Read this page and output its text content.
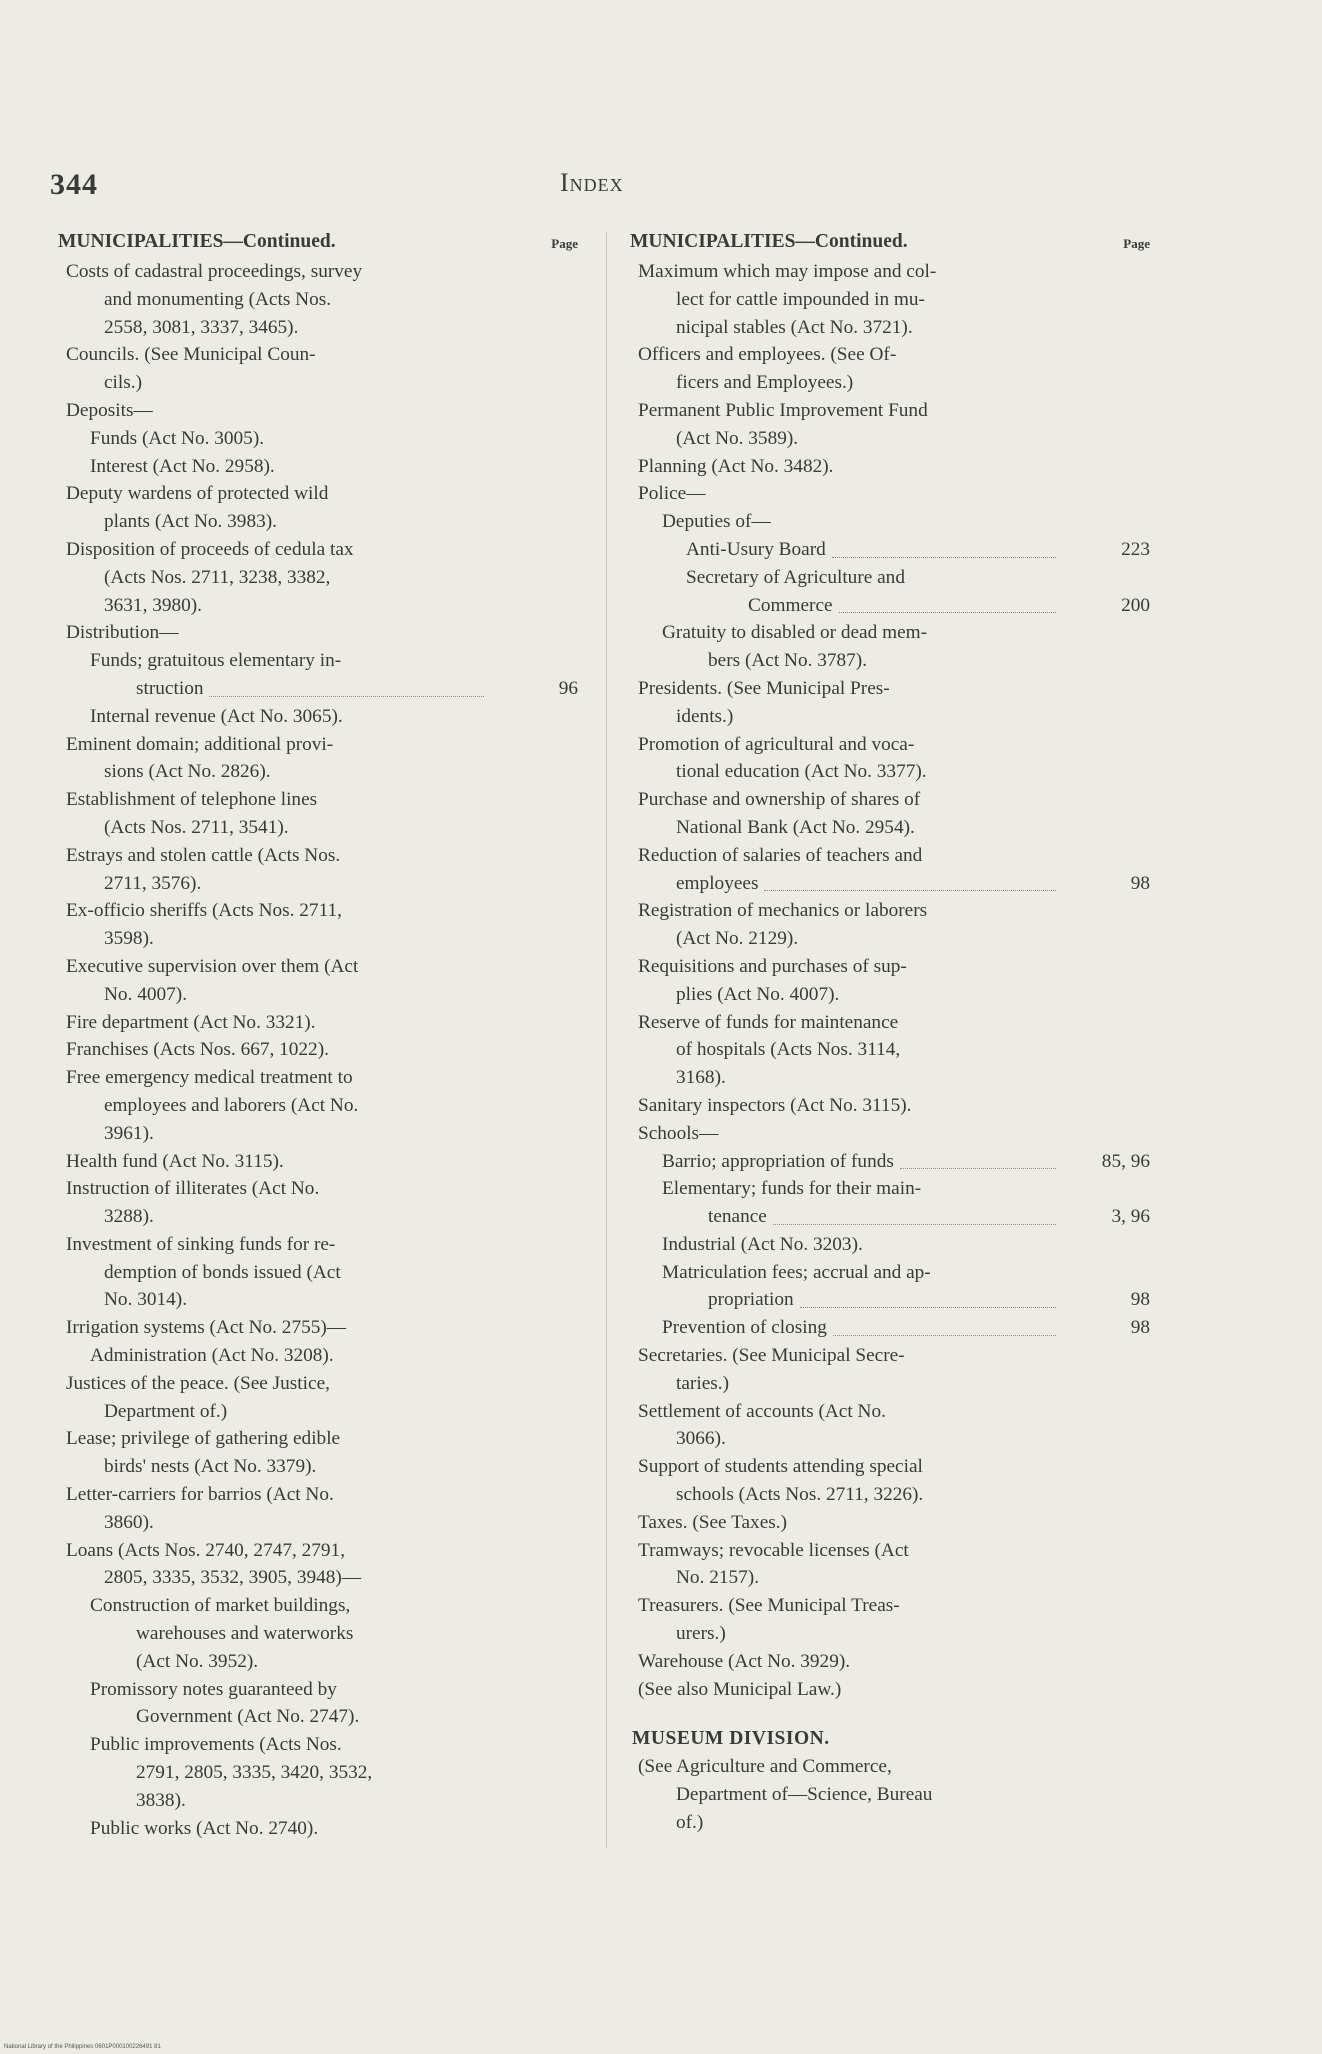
344	Index
MUNICIPALITIES—Continued.	Page
Costs of cadastral proceedings, survey
and monumenting (Acts Nos.
2558, 3081, 3337, 3465).
Councils. (See Municipal Coun-
cils.)
Deposits—
Funds (Act No. 3005).
Interest (Act No. 2958).
Deputy wardens of protected wild
plants (Act No. 3983).
Disposition of proceeds of cedula tax
(Acts Nos. 2711, 3238, 3382,
3631, 3980).
Distribution—
Funds; gratuitous elementary in-
struction	96
Internal revenue (Act No. 3065).
Eminent domain; additional provi-
sions (Act No. 2826).
Establishment of telephone lines
(Acts Nos. 2711, 3541).
Estrays and stolen cattle (Acts Nos.
2711, 3576).
Ex-officio sheriffs (Acts Nos. 2711,
3598).
Executive supervision over them (Act
No. 4007).
Fire department (Act No. 3321).
Franchises (Acts Nos. 667, 1022).
Free emergency medical treatment to
employees and laborers (Act No.
3961).
Health fund (Act No. 3115).
Instruction of illiterates (Act No.
3288).
Investment of sinking funds for re-
demption of bonds issued (Act
No. 3014).
Irrigation systems (Act No. 2755)—
Administration (Act No. 3208).
Justices of the peace. (See Justice,
Department of.)
Lease; privilege of gathering edible
birds' nests (Act No. 3379).
Letter-carriers for barrios (Act No.
3860).
Loans (Acts Nos. 2740, 2747, 2791,
2805, 3335, 3532, 3905, 3948)—
Construction of market buildings,
warehouses and waterworks
(Act No. 3952).
Promissory notes guaranteed by
Government (Act No. 2747).
Public improvements (Acts Nos.
2791, 2805, 3335, 3420, 3532,
3838).
Public works (Act No. 2740).
MUNICIPALITIES—Continued.	Page
Maximum which may impose and col-
lect for cattle impounded in mu-
nicipal stables (Act No. 3721).
Officers and employees. (See Of-
ficers and Employees.)
Permanent Public Improvement Fund
(Act No. 3589).
Planning (Act No. 3482).
Police—
Deputies of—
Anti-Usury Board	223
Secretary of Agriculture and
Commerce	200
Gratuity to disabled or dead mem-
bers (Act No. 3787).
Presidents. (See Municipal Pres-
idents.)
Promotion of agricultural and voca-
tional education (Act No. 3377).
Purchase and ownership of shares of
National Bank (Act No. 2954).
Reduction of salaries of teachers and
employees	98
Registration of mechanics or laborers
(Act No. 2129).
Requisitions and purchases of sup-
plies (Act No. 4007).
Reserve of funds for maintenance
of hospitals (Acts Nos. 3114,
3168).
Sanitary inspectors (Act No. 3115).
Schools—
Barrio; appropriation of funds	85, 96
Elementary; funds for their main-
tenance	3, 96
Industrial (Act No. 3203).
Matriculation fees; accrual and ap-
propriation	98
Prevention of closing	98
Secretaries. (See Municipal Secre-
taries.)
Settlement of accounts (Act No.
3066).
Support of students attending special
schools (Acts Nos. 2711, 3226).
Taxes. (See Taxes.)
Tramways; revocable licenses (Act
No. 2157).
Treasurers. (See Municipal Treas-
urers.)
Warehouse (Act No. 3929).
(See also Municipal Law.)
MUSEUM DIVISION.
(See Agriculture and Commerce,
Department of—Science, Bureau
of.)
National Library of the Philippines 0601P000100226491 81
